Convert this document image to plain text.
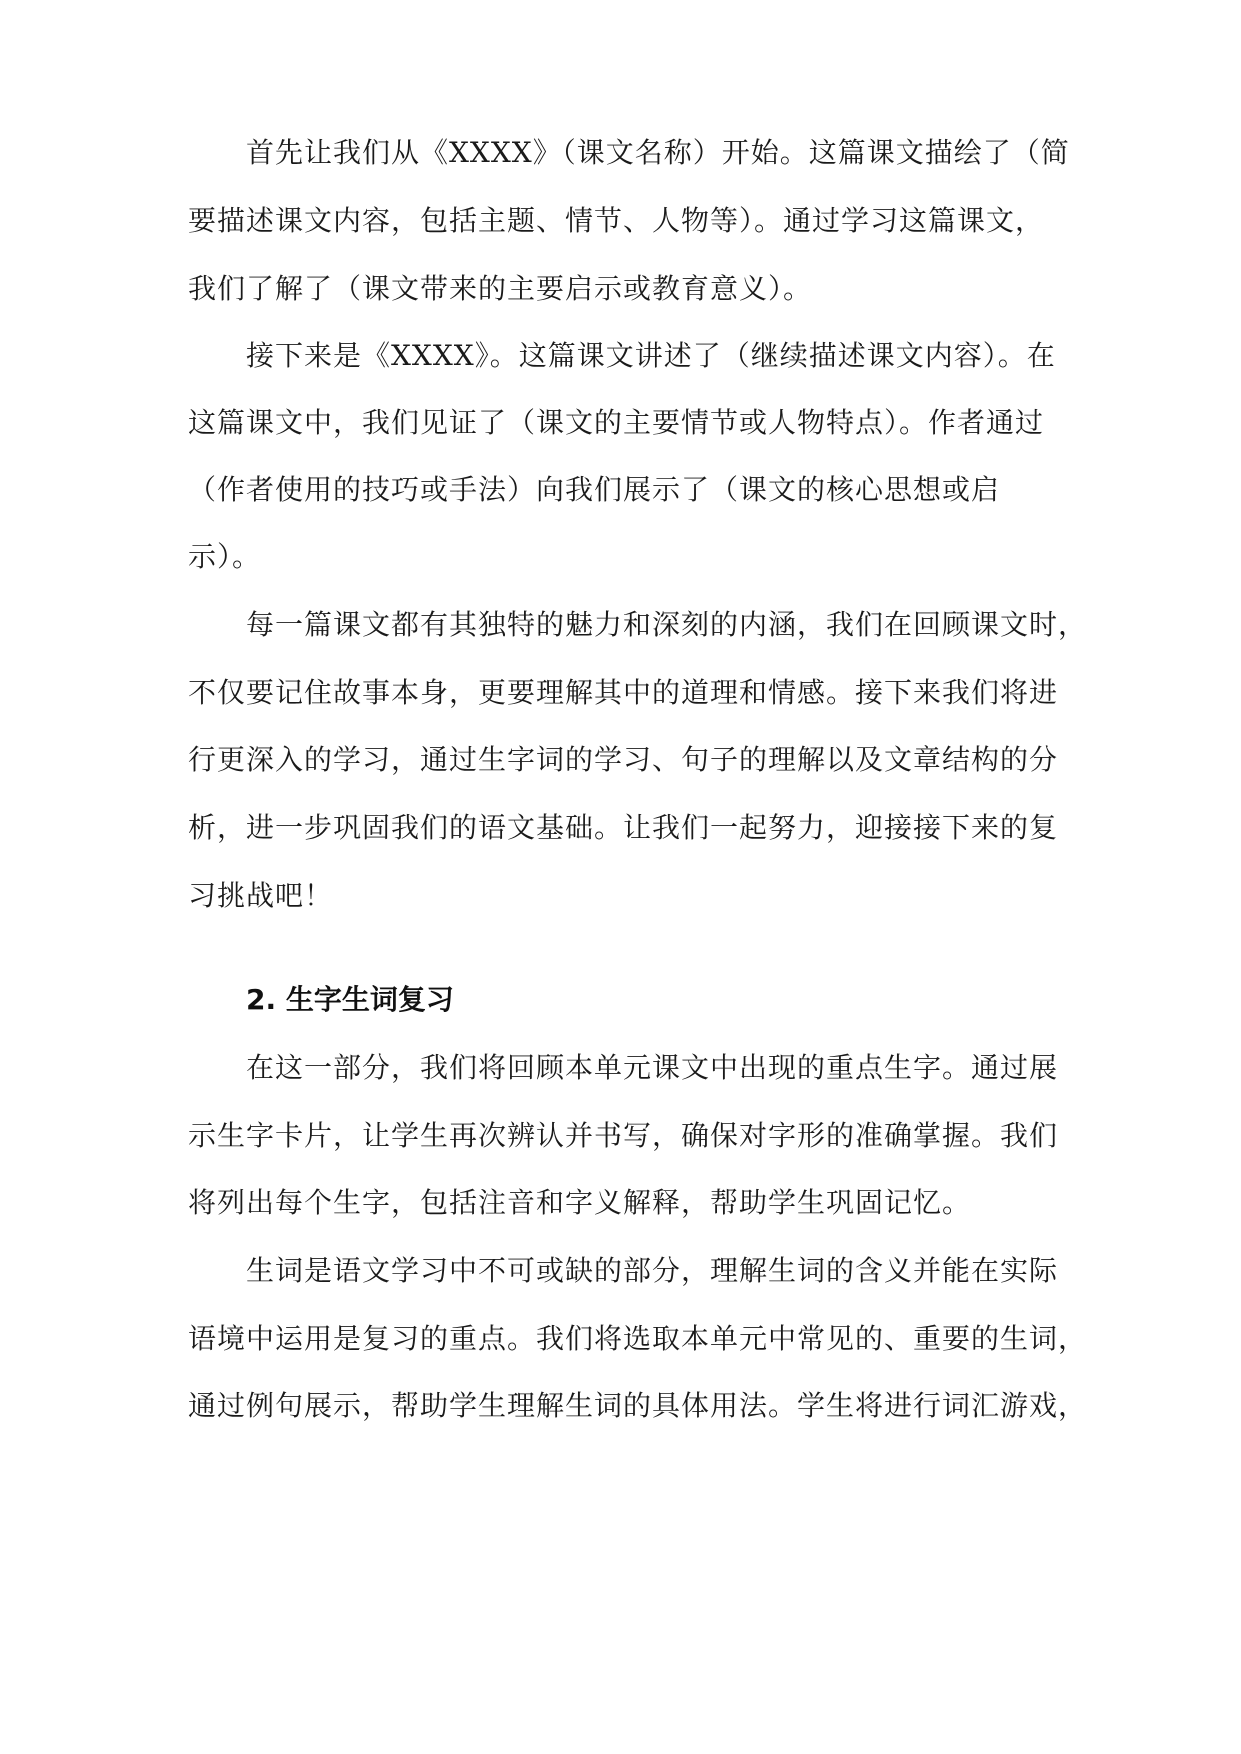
首先让我们从《XXXX》（课文名称）开始。这篇课文描绘了（简
要描述课文内容，包括主题、情节、人物等）。通过学习这篇课文，
我们了解了（课文带来的主要启示或教育意义）。
接下来是《XXXX》。这篇课文讲述了（继续描述课文内容）。在
这篇课文中，我们见证了（课文的主要情节或人物特点）。作者通过
（作者使用的技巧或手法）向我们展示了（课文的核心思想或启
示）。
每一篇课文都有其独特的魅力和深刻的内涵，我们在回顾课文时，
不仅要记住故事本身，更要理解其中的道理和情感。接下来我们将进
行更深入的学习，通过生字词的学习、句子的理解以及文章结构的分
析，进一步巩固我们的语文基础。让我们一起努力，迎接接下来的复
习挑战吧！
2. 生字生词复习
在这一部分，我们将回顾本单元课文中出现的重点生字。通过展
示生字卡片，让学生再次辨认并书写，确保对字形的准确掌握。我们
将列出每个生字，包括注音和字义解释，帮助学生巩固记忆。
生词是语文学习中不可或缺的部分，理解生词的含义并能在实际
语境中运用是复习的重点。我们将选取本单元中常见的、重要的生词，
通过例句展示，帮助学生理解生词的具体用法。学生将进行词汇游戏，
